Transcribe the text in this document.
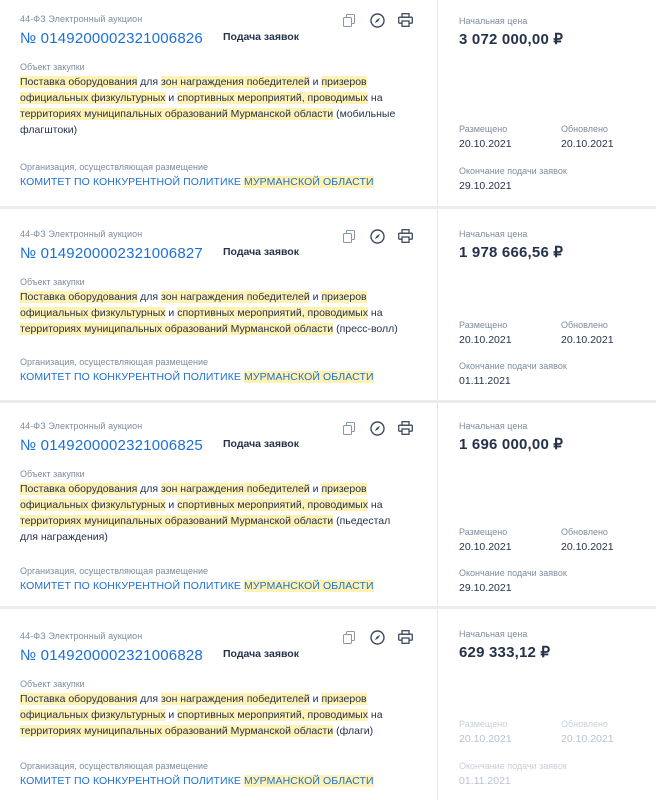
44-ФЗ Электронный аукцион
№ 0149200002321006826 Подача заявок
Объект закупки
Поставка оборудования для зон награждения победителей и призеров официальных физкультурных и спортивных мероприятий, проводимых на территориях муниципальных образований Мурманской области (мобильные флагштоки)
Организация, осуществляющая размещение
КОМИТЕТ ПО КОНКУРЕНТНОЙ ПОЛИТИКЕ МУРМАНСКОЙ ОБЛАСТИ
Начальная цена
3 072 000,00 ₽
Размещено
20.10.2021
Обновлено
20.10.2021
Окончание подачи заявок
29.10.2021
44-ФЗ Электронный аукцион
№ 0149200002321006827 Подача заявок
Объект закупки
Поставка оборудования для зон награждения победителей и призеров официальных физкультурных и спортивных мероприятий, проводимых на территориях муниципальных образований Мурманской области (пресс-волл)
Организация, осуществляющая размещение
КОМИТЕТ ПО КОНКУРЕНТНОЙ ПОЛИТИКЕ МУРМАНСКОЙ ОБЛАСТИ
Начальная цена
1 978 666,56 ₽
Размещено
20.10.2021
Обновлено
20.10.2021
Окончание подачи заявок
01.11.2021
44-ФЗ Электронный аукцион
№ 0149200002321006825 Подача заявок
Объект закупки
Поставка оборудования для зон награждения победителей и призеров официальных физкультурных и спортивных мероприятий, проводимых на территориях муниципальных образований Мурманской области (пьедестал для награждения)
Организация, осуществляющая размещение
КОМИТЕТ ПО КОНКУРЕНТНОЙ ПОЛИТИКЕ МУРМАНСКОЙ ОБЛАСТИ
Начальная цена
1 696 000,00 ₽
Размещено
20.10.2021
Обновлено
20.10.2021
Окончание подачи заявок
29.10.2021
44-ФЗ Электронный аукцион
№ 0149200002321006828 Подача заявок
Объект закупки
Поставка оборудования для зон награждения победителей и призеров официальных физкультурных и спортивных мероприятий, проводимых на территориях муниципальных образований Мурманской области (флаги)
Организация, осуществляющая размещение
КОМИТЕТ ПО КОНКУРЕНТНОЙ ПОЛИТИКЕ МУРМАНСКОЙ ОБЛАСТИ
Начальная цена
629 333,12 ₽
Размещено
20.10.2021
Обновлено
20.10.2021
Окончание подачи заявок
01.11.2021
